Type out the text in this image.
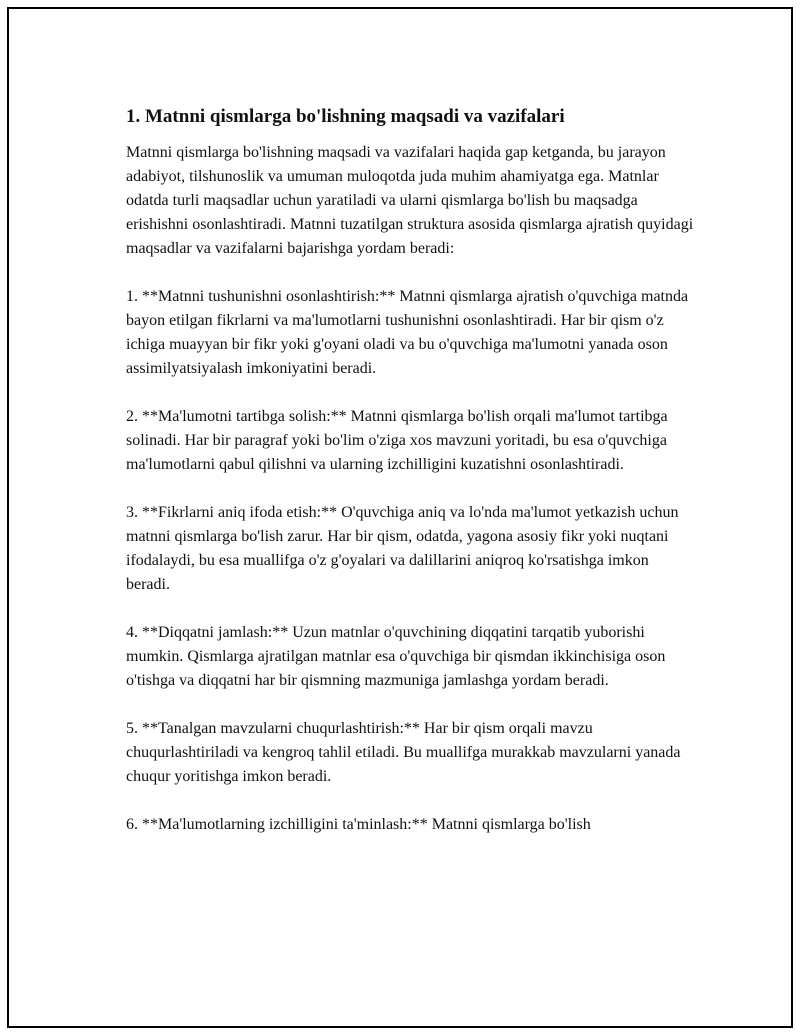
1. Matnni qismlarga bo'lishning maqsadi va vazifalari

Matnni qismlarga bo'lishning maqsadi va vazifalari haqida gap ketganda, bu jarayon adabiyot, tilshunoslik va umuman muloqotda juda muhim ahamiyatga ega. Matnlar odatda turli maqsadlar uchun yaratiladi va ularni qismlarga bo'lish bu maqsadga erishishni osonlashtiradi. Matnni tuzatilgan struktura asosida qismlarga ajratish quyidagi maqsadlar va vazifalarni bajarishga yordam beradi:

1. **Matnni tushunishni osonlashtirish:** Matnni qismlarga ajratish o'quvchiga matnda bayon etilgan fikrlarni va ma'lumotlarni tushunishni osonlashtiradi. Har bir qism o'z ichiga muayyan bir fikr yoki g'oyani oladi va bu o'quvchiga ma'lumotni yanada oson assimilyatsiyalash imkoniyatini beradi.

2. **Ma'lumotni tartibga solish:** Matnni qismlarga bo'lish orqali ma'lumot tartibga solinadi. Har bir paragraf yoki bo'lim o'ziga xos mavzuni yoritadi, bu esa o'quvchiga ma'lumotlarni qabul qilishni va ularning izchilligini kuzatishni osonlashtiradi.

3. **Fikrlarni aniq ifoda etish:** O'quvchiga aniq va lo'nda ma'lumot yetkazish uchun matnni qismlarga bo'lish zarur. Har bir qism, odatda, yagona asosiy fikr yoki nuqtani ifodalaydi, bu esa muallifga o'z g'oyalari va dalillarini aniqroq ko'rsatishga imkon beradi.

4. **Diqqatni jamlash:** Uzun matnlar o'quvchining diqqatini tarqatib yuborishi mumkin. Qismlarga ajratilgan matnlar esa o'quvchiga bir qismdan ikkinchisiga oson o'tishga va diqqatni har bir qismning mazmuniga jamlashga yordam beradi.

5. **Tanalgan mavzularni chuqurlashtirish:** Har bir qism orqali mavzu chuqurlashtiriladi va kengroq tahlil etiladi. Bu muallifga murakkab mavzularni yanada chuqur yoritishga imkon beradi.

6. **Ma'lumotlarning izchilligini ta'minlash:** Matnni qismlarga bo'lish
